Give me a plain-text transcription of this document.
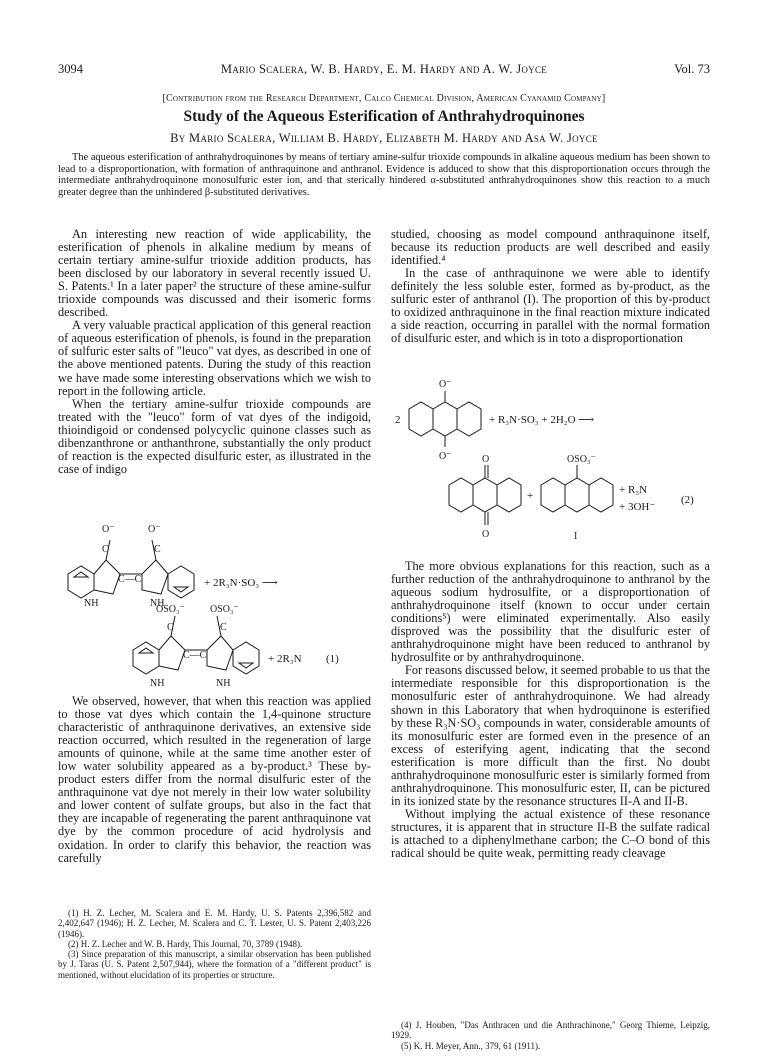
3094	Mario Scalera, W. B. Hardy, E. M. Hardy and A. W. Joyce	Vol. 73
[Contribution from the Research Department, Calco Chemical Division, American Cyanamid Company]
Study of the Aqueous Esterification of Anthrahydroquinones
By Mario Scalera, William B. Hardy, Elizabeth M. Hardy and Asa W. Joyce
The aqueous esterification of anthrahydroquinones by means of tertiary amine-sulfur trioxide compounds in alkaline aqueous medium has been shown to lead to a disproportionation, with formation of anthraquinone and anthranol. Evidence is adduced to show that this disproportionation occurs through the intermediate anthrahydroquinone monosulfuric ester ion, and that sterically hindered α-substituted anthrahydroquinones show this reaction to a much greater degree than the unhindered β-substituted derivatives.

An interesting new reaction of wide applicability, the esterification of phenols in alkaline medium by means of certain tertiary amine-sulfur trioxide addition products, has been disclosed by our laboratory in several recently issued U. S. Patents.¹ In a later paper² the structure of these amine-sulfur trioxide compounds was discussed and their isomeric forms described.

A very valuable practical application of this general reaction of aqueous esterification of phenols, is found in the preparation of sulfuric ester salts of "leuco" vat dyes, as described in one of the above mentioned patents. During the study of this reaction we have made some interesting observations which we wish to report in the following article.

When the tertiary amine-sulfur trioxide compounds are treated with the "leuco" form of vat dyes of the indigoid, thioindigoid or condensed polycyclic quinone classes such as dibenzanthrone or anthanthrone, substantially the only product of reaction is the expected disulfuric ester, as illustrated in the case of indigo

O⁻	O⁻
C	C
C—C
NH	NH
+ 2R₃N·SO₃ ⟶
OSO₃⁻	OSO₃⁻
C	C
C—C
NH	NH
+ 2R₃N (1)

We observed, however, that when this reaction was applied to those vat dyes which contain the 1,4-quinone structure characteristic of anthraquinone derivatives, an extensive side reaction occurred, which resulted in the regeneration of large amounts of quinone, while at the same time another ester of low water solubility appeared as a by-product.³ These by-product esters differ from the normal disulfuric ester of the anthraquinone vat dye not merely in their low water solubility and lower content of sulfate groups, but also in the fact that they are incapable of regenerating the parent anthraquinone vat dye by the common procedure of acid hydrolysis and oxidation. In order to clarify this behavior, the reaction was carefully

(1) H. Z. Lecher, M. Scalera and E. M. Hardy, U. S. Patents 2,396,582 and 2,402,647 (1946); H. Z. Lecher, M. Scalera and C. T. Lester, U. S. Patent 2,403,226 (1946).

(2) H. Z. Lecher and W. B. Hardy, This Journal, 70, 3789 (1948).

(3) Since preparation of this manuscript, a similar observation has been published by J. Taras (U. S. Patent 2,507,944), where the formation of a "different product" is mentioned, without elucidation of its properties or structure.

studied, choosing as model compound anthraquinone itself, because its reduction products are well described and easily identified.⁴

In the case of anthraquinone we were able to identify definitely the less soluble ester, formed as by-product, as the sulfuric ester of anthranol (I). The proportion of this by-product to oxidized anthraquinone in the final reaction mixture indicated a side reaction, occurring in parallel with the normal formation of disulfuric ester, and which is in toto a disproportionation

O⁻
O⁻
2	+ R₃N·SO₃ + 2H₂O ⟶
O
O
+
OSO₃⁻
+ R₃N
+ 3OH⁻
(2)
I

The more obvious explanations for this reaction, such as a further reduction of the anthrahydroquinone to anthranol by the aqueous sodium hydrosulfite, or a disproportionation of anthrahydroquinone itself (known to occur under certain conditions⁵) were eliminated experimentally. Also easily disproved was the possibility that the disulfuric ester of anthrahydroquinone might have been reduced to anthranol by hydrosulfite or by anthrahydroquinone.

For reasons discussed below, it seemed probable to us that the intermediate responsible for this disproportionation is the monosulfuric ester of anthrahydroquinone. We had already shown in this Laboratory that when hydroquinone is esterified by these R₃N·SO₃ compounds in water, considerable amounts of its monosulfuric ester are formed even in the presence of an excess of esterifying agent, indicating that the second esterification is more difficult than the first. No doubt anthrahydroquinone monosulfuric ester is similarly formed from anthrahydroquinone. This monosulfuric ester, II, can be pictured in its ionized state by the resonance structures II-A and II-B.

Without implying the actual existence of these resonance structures, it is apparent that in structure II-B the sulfate radical is attached to a diphenylmethane carbon; the C–O bond of this radical should be quite weak, permitting ready cleavage

(4) J. Houben, "Das Anthracen und die Anthrachinone," Georg Thieme, Leipzig, 1929.

(5) K. H. Meyer, Ann., 379, 61 (1911).
